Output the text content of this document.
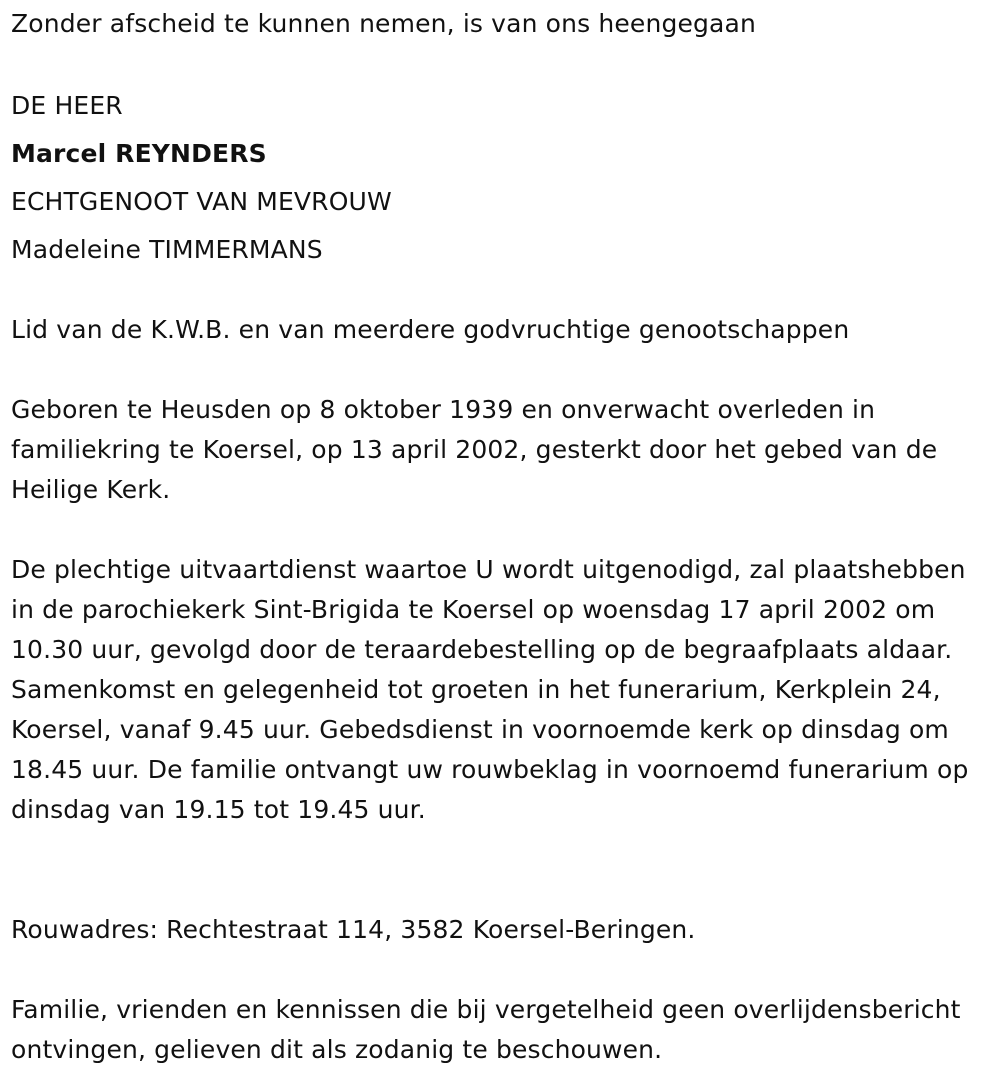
Zonder afscheid te kunnen nemen, is van ons heengegaan

DE HEER

Marcel REYNDERS

ECHTGENOOT VAN MEVROUW

Madeleine TIMMERMANS

Lid van de K.W.B. en van meerdere godvruchtige genootschappen

Geboren te Heusden op 8 oktober 1939 en onverwacht overleden in familiekring te Koersel, op 13 april 2002, gesterkt door het gebed van de Heilige Kerk.

De plechtige uitvaartdienst waartoe U wordt uitgenodigd, zal plaatshebben in de parochiekerk Sint-Brigida te Koersel op woensdag 17 april 2002 om 10.30 uur, gevolgd door de teraardebestelling op de begraafplaats aldaar. Samenkomst en gelegenheid tot groeten in het funerarium, Kerkplein 24, Koersel, vanaf 9.45 uur. Gebedsdienst in voornoemde kerk op dinsdag om 18.45 uur. De familie ontvangt uw rouwbeklag in voornoemd funerarium op dinsdag van 19.15 tot 19.45 uur.

Rouwadres: Rechtestraat 114, 3582 Koersel-Beringen.

Familie, vrienden en kennissen die bij vergetelheid geen overlijdensbericht ontvingen, gelieven dit als zodanig te beschouwen.
